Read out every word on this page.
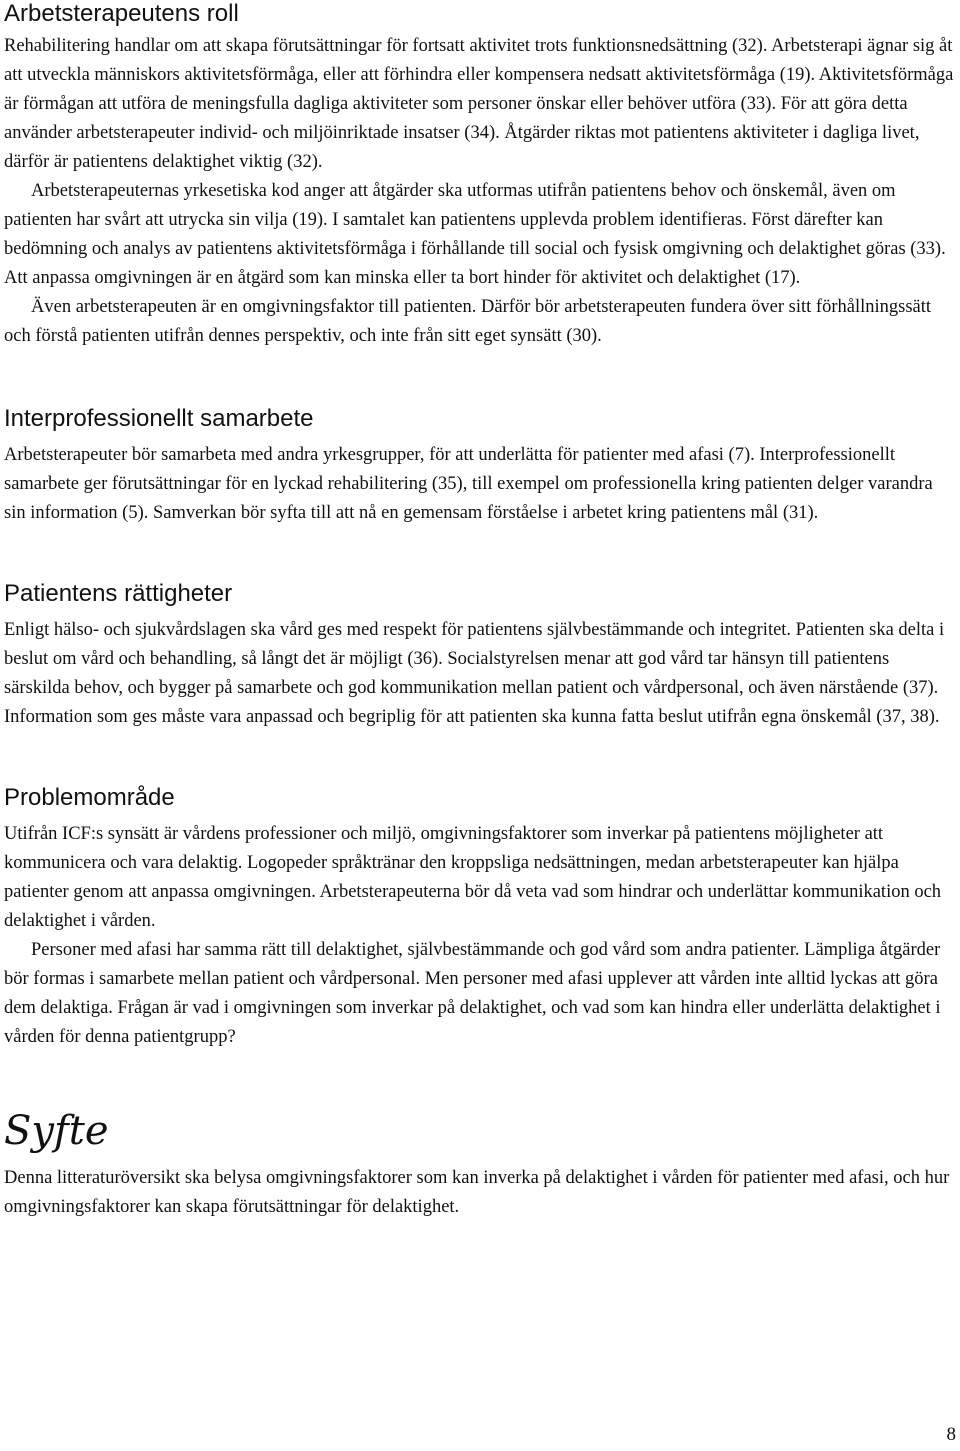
Arbetsterapeutens roll

Rehabilitering handlar om att skapa förutsättningar för fortsatt aktivitet trots funktionsnedsättning (32). Arbetsterapi ägnar sig åt att utveckla människors aktivitetsförmåga, eller att förhindra eller kompensera nedsatt aktivitetsförmåga (19). Aktivitetsförmåga är förmågan att utföra de meningsfulla dagliga aktiviteter som personer önskar eller behöver utföra (33). För att göra detta använder arbetsterapeuter individ- och miljöinriktade insatser (34). Åtgärder riktas mot patientens aktiviteter i dagliga livet, därför är patientens delaktighet viktig (32).

Arbetsterapeuternas yrkesetiska kod anger att åtgärder ska utformas utifrån patientens behov och önskemål, även om patienten har svårt att utrycka sin vilja (19). I samtalet kan patientens upplevda problem identifieras. Först därefter kan bedömning och analys av patientens aktivitetsförmåga i förhållande till social och fysisk omgivning och delaktighet göras (33). Att anpassa omgivningen är en åtgärd som kan minska eller ta bort hinder för aktivitet och delaktighet (17).

Även arbetsterapeuten är en omgivningsfaktor till patienten. Därför bör arbetsterapeuten fundera över sitt förhållningssätt och förstå patienten utifrån dennes perspektiv, och inte från sitt eget synsätt (30).

Interprofessionellt samarbete

Arbetsterapeuter bör samarbeta med andra yrkesgrupper, för att underlätta för patienter med afasi (7). Interprofessionellt samarbete ger förutsättningar för en lyckad rehabilitering (35), till exempel om professionella kring patienten delger varandra sin information (5). Samverkan bör syfta till att nå en gemensam förståelse i arbetet kring patientens mål (31).

Patientens rättigheter

Enligt hälso- och sjukvårdslagen ska vård ges med respekt för patientens självbestämmande och integritet. Patienten ska delta i beslut om vård och behandling, så långt det är möjligt (36). Socialstyrelsen menar att god vård tar hänsyn till patientens särskilda behov, och bygger på samarbete och god kommunikation mellan patient och vårdpersonal, och även närstående (37). Information som ges måste vara anpassad och begriplig för att patienten ska kunna fatta beslut utifrån egna önskemål (37, 38).

Problemområde

Utifrån ICF:s synsätt är vårdens professioner och miljö, omgivningsfaktorer som inverkar på patientens möjligheter att kommunicera och vara delaktig. Logopeder språktränar den kroppsliga nedsättningen, medan arbetsterapeuter kan hjälpa patienter genom att anpassa omgivningen. Arbetsterapeuterna bör då veta vad som hindrar och underlättar kommunikation och delaktighet i vården.

Personer med afasi har samma rätt till delaktighet, självbestämmande och god vård som andra patienter. Lämpliga åtgärder bör formas i samarbete mellan patient och vårdpersonal. Men personer med afasi upplever att vården inte alltid lyckas att göra dem delaktiga. Frågan är vad i omgivningen som inverkar på delaktighet, och vad som kan hindra eller underlätta delaktighet i vården för denna patientgrupp?

Syfte

Denna litteraturöversikt ska belysa omgivningsfaktorer som kan inverka på delaktighet i vården för patienter med afasi, och hur omgivningsfaktorer kan skapa förutsättningar för delaktighet.

8
